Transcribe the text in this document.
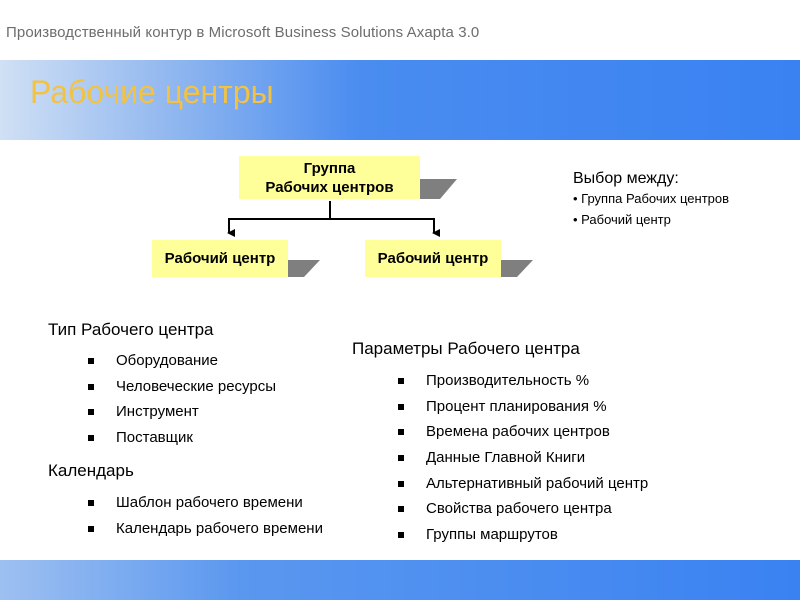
Производственный контур в Microsoft Business Solutions Axapta 3.0
Рабочие центры
Группа
Рабочих центров
Рабочий центр	Рабочий центр
Выбор между:
• Группа Рабочих центров
• Рабочий центр
Тип Рабочего центра
Оборудование
Человеческие ресурсы
Инструмент
Поставщик
Календарь
Шаблон рабочего времени
Календарь рабочего времени
Параметры Рабочего центра
Производительность %
Процент планирования %
Времена рабочих центров
Данные Главной Книги
Альтернативный рабочий центр
Свойства рабочего центра
Группы маршрутов
